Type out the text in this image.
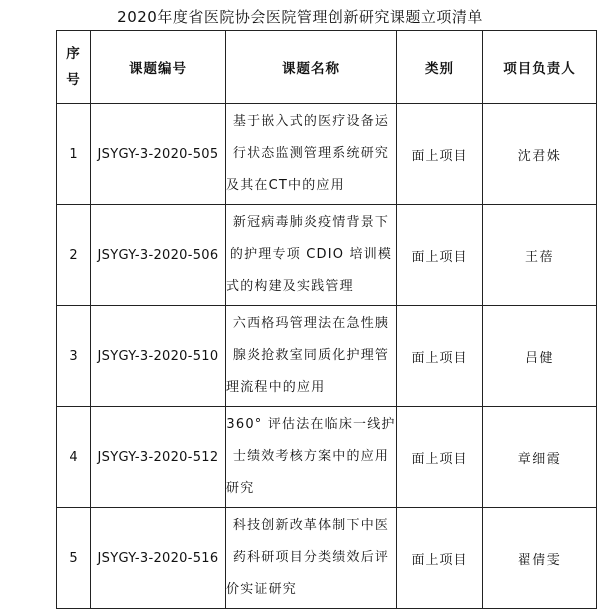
2020年度省医院协会医院管理创新研究课题立项清单
序
号	课题编号	课题名称	类别	项目负责人
1	JSYGY-3-2020-505	基于嵌入式的医疗设备运行状态监测管理系统研究及其在CT中的应用	面上项目	沈君姝
2	JSYGY-3-2020-506	新冠病毒肺炎疫情背景下的护理专项 CDIO 培训模式的构建及实践管理	面上项目	王蓓
3	JSYGY-3-2020-510	六西格玛管理法在急性胰腺炎抢救室同质化护理管理流程中的应用	面上项目	吕健
4	JSYGY-3-2020-512	360° 评估法在临床一线护士绩效考核方案中的应用研究	面上项目	章细霞
5	JSYGY-3-2020-516	科技创新改革体制下中医药科研项目分类绩效后评价实证研究	面上项目	翟倩雯
